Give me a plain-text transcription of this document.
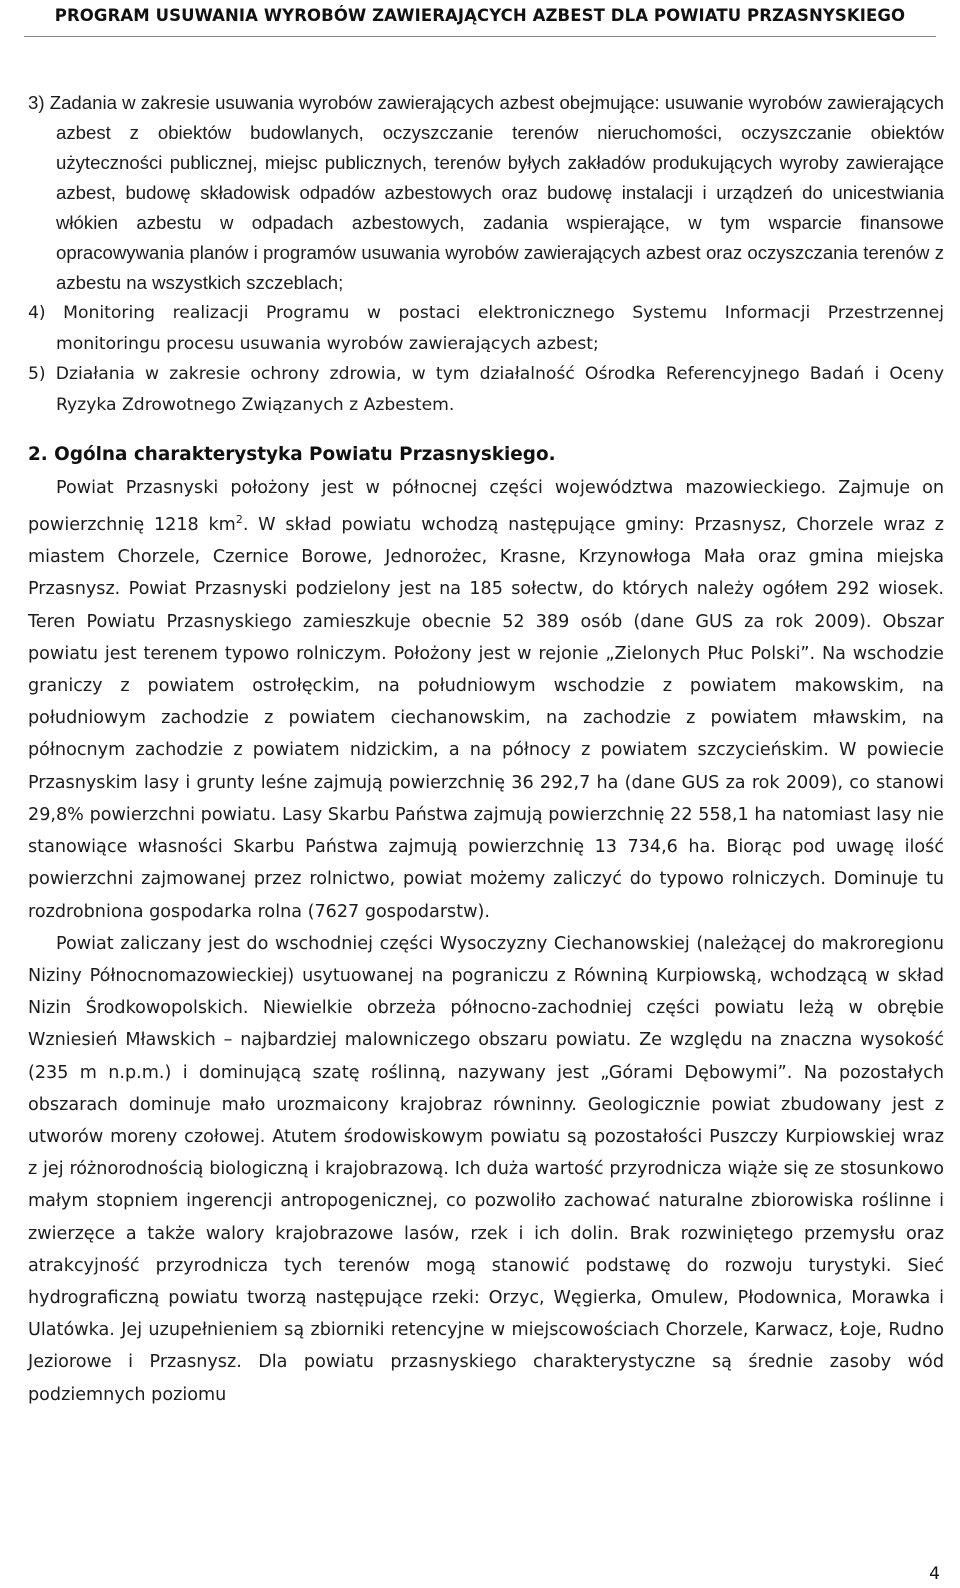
PROGRAM USUWANIA WYROBÓW ZAWIERAJĄCYCH AZBEST DLA POWIATU PRZASNYSKIEGO

3) Zadania w zakresie usuwania wyrobów zawierających azbest obejmujące: usuwanie wyrobów zawierających azbest z obiektów budowlanych, oczyszczanie terenów nieruchomości, oczyszczanie obiektów użyteczności publicznej, miejsc publicznych, terenów byłych zakładów produkujących wyroby zawierające azbest, budowę składowisk odpadów azbestowych oraz budowę instalacji i urządzeń do unicestwiania włókien azbestu w odpadach azbestowych, zadania wspierające, w tym wsparcie finansowe opracowywania planów i programów usuwania wyrobów zawierających azbest oraz oczyszczania terenów z azbestu na wszystkich szczeblach;

4) Monitoring realizacji Programu w postaci elektronicznego Systemu Informacji Przestrzennej monitoringu procesu usuwania wyrobów zawierających azbest;

5) Działania w zakresie ochrony zdrowia, w tym działalność Ośrodka Referencyjnego Badań i Oceny Ryzyka Zdrowotnego Związanych z Azbestem.

2. Ogólna charakterystyka Powiatu Przasnyskiego.

Powiat Przasnyski położony jest w północnej części województwa mazowieckiego. Zajmuje on powierzchnię 1218 $km^2$. W skład powiatu wchodzą następujące gminy: Przasnysz, Chorzele wraz z miastem Chorzele, Czernice Borowe, Jednorożec, Krasne, Krzynowłoga Mała oraz gmina miejska Przasnysz. Powiat Przasnyski podzielony jest na 185 sołectw, do których należy ogółem 292 wiosek. Teren Powiatu Przasnyskiego zamieszkuje obecnie 52 389 osób (dane GUS za rok 2009). Obszar powiatu jest terenem typowo rolniczym. Położony jest w rejonie „Zielonych Płuc Polski”. Na wschodzie graniczy z powiatem ostrołęckim, na południowym wschodzie z powiatem makowskim, na południowym zachodzie z powiatem ciechanowskim, na zachodzie z powiatem mławskim, na północnym zachodzie z powiatem nidzickim, a na północy z powiatem szczycieńskim. W powiecie Przasnyskim lasy i grunty leśne zajmują powierzchnię 36 292,7 ha (dane GUS za rok 2009), co stanowi 29,8% powierzchni powiatu. Lasy Skarbu Państwa zajmują powierzchnię 22 558,1 ha natomiast lasy nie stanowiące własności Skarbu Państwa zajmują powierzchnię 13 734,6 ha. Biorąc pod uwagę ilość powierzchni zajmowanej przez rolnictwo, powiat możemy zaliczyć do typowo rolniczych. Dominuje tu rozdrobniona gospodarka rolna (7627 gospodarstw).

Powiat zaliczany jest do wschodniej części Wysoczyzny Ciechanowskiej (należącej do makroregionu Niziny Północnomazowieckiej) usytuowanej na pograniczu z Równiną Kurpiowską, wchodzącą w skład Nizin Środkowopolskich. Niewielkie obrzeża północno-zachodniej części powiatu leżą w obrębie Wzniesień Mławskich – najbardziej malowniczego obszaru powiatu. Ze względu na znaczna wysokość (235 m n.p.m.) i dominującą szatę roślinną, nazywany jest „Górami Dębowymi”. Na pozostałych obszarach dominuje mało urozmaicony krajobraz równinny. Geologicznie powiat zbudowany jest z utworów moreny czołowej. Atutem środowiskowym powiatu są pozostałości Puszczy Kurpiowskiej wraz z jej różnorodnością biologiczną i krajobrazową. Ich duża wartość przyrodnicza wiąże się ze stosunkowo małym stopniem ingerencji antropogenicznej, co pozwoliło zachować naturalne zbiorowiska roślinne i zwierzęce a także walory krajobrazowe lasów, rzek i ich dolin. Brak rozwiniętego przemysłu oraz atrakcyjność przyrodnicza tych terenów mogą stanowić podstawę do rozwoju turystyki. Sieć hydrograficzną powiatu tworzą następujące rzeki: Orzyc, Węgierka, Omulew, Płodownica, Morawka i Ulatówka. Jej uzupełnieniem są zbiorniki retencyjne w miejscowościach Chorzele, Karwacz, Łoje, Rudno Jeziorowe i Przasnysz. Dla powiatu przasnyskiego charakterystyczne są średnie zasoby wód podziemnych poziomu

4
